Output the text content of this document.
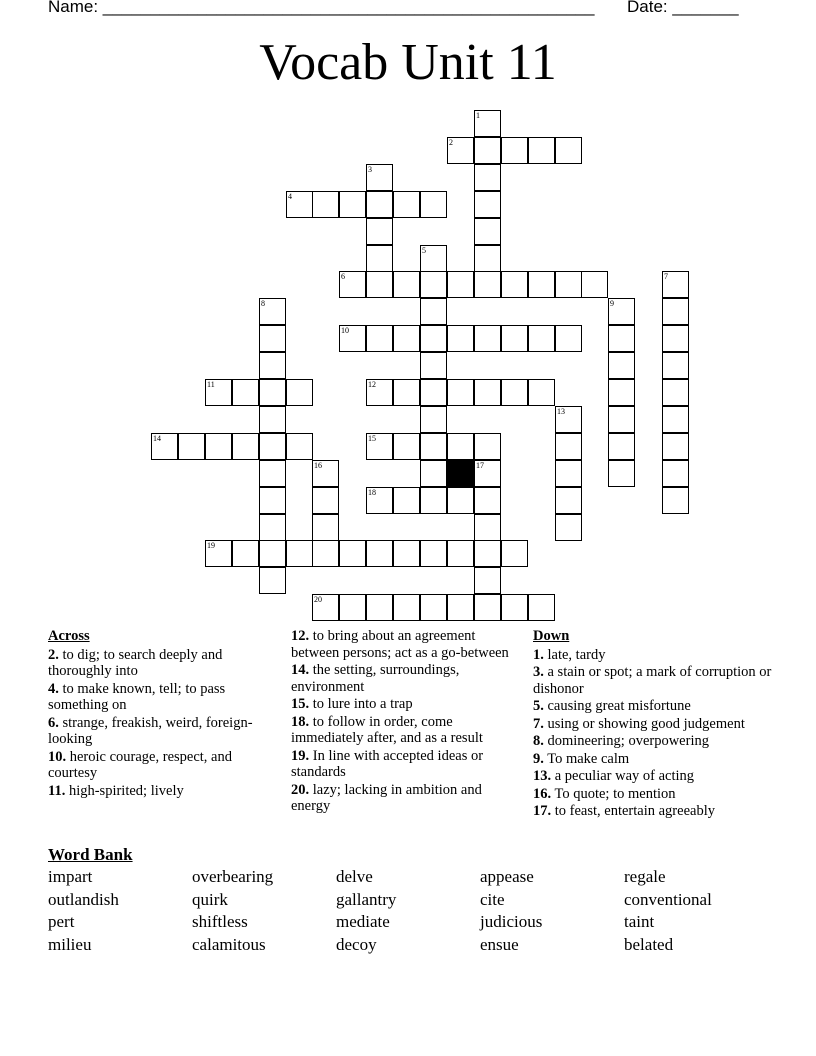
Name: ____________________________________________________ Date: _______
Vocab Unit 11
1
2
3
4
5
6	7
8	9
10
11	12
13
14	15
16	17
18
19
20
Across
2. to dig; to search deeply and thoroughly into
4. to make known, tell; to pass something on
6. strange, freakish, weird, foreign-looking
10. heroic courage, respect, and courtesy
11. high-spirited; lively
12. to bring about an agreement between persons; act as a go-between
14. the setting, surroundings, environment
15. to lure into a trap
18. to follow in order, come immediately after, and as a result
19. In line with accepted ideas or standards
20. lazy; lacking in ambition and energy
Down
1. late, tardy
3. a stain or spot; a mark of corruption or dishonor
5. causing great misfortune
7. using or showing good judgement
8. domineering; overpowering
9. To make calm
13. a peculiar way of acting
16. To quote; to mention
17. to feast, entertain agreeably
Word Bank
impart	overbearing	delve	appease	regale
outlandish	quirk	gallantry	cite	conventional
pert	shiftless	mediate	judicious	taint
milieu	calamitous	decoy	ensue	belated
